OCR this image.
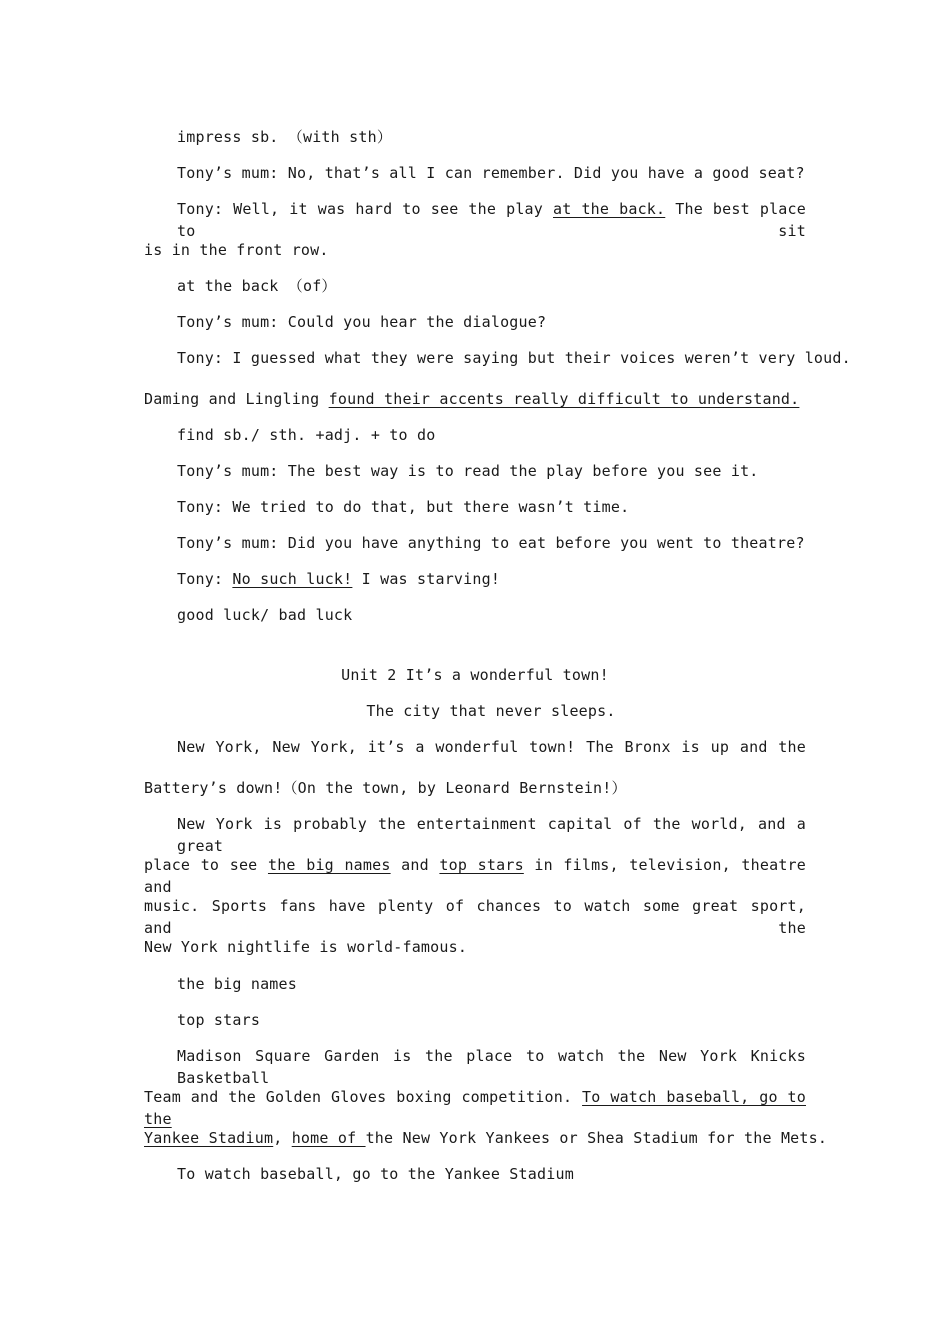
impress sb. （with sth）
Tony’s mum: No, that’s all I can remember. Did you have a good seat?
Tony: Well, it was hard to see the play at the back. The best place to sit
is in the front row.
at the back （of）
Tony’s mum: Could you hear the dialogue?
Tony: I guessed what they were saying but their voices weren’t very loud.
Daming and Lingling found their accents really difficult to understand.
find sb./ sth. +adj. + to do
Tony’s mum: The best way is to read the play before you see it.
Tony: We tried to do that, but there wasn’t time.
Tony’s mum: Did you have anything to eat before you went to theatre?
Tony: No such luck! I was starving!
good luck/ bad luck
Unit 2 It’s a wonderful town!
The city that never sleeps.
New York, New York, it’s a wonderful town! The Bronx is up and the
Battery’s down!（On the town, by Leonard Bernstein!）
New York is probably the entertainment capital of the world, and a great
place to see the big names and top stars in films, television, theatre and
music. Sports fans have plenty of chances to watch some great sport, and the
New York nightlife is world-famous.
the big names
top stars
Madison Square Garden is the place to watch the New York Knicks Basketball
Team and the Golden Gloves boxing competition. To watch baseball, go to the
Yankee Stadium, home of the New York Yankees or Shea Stadium for the Mets.
To watch baseball, go to the Yankee Stadium
